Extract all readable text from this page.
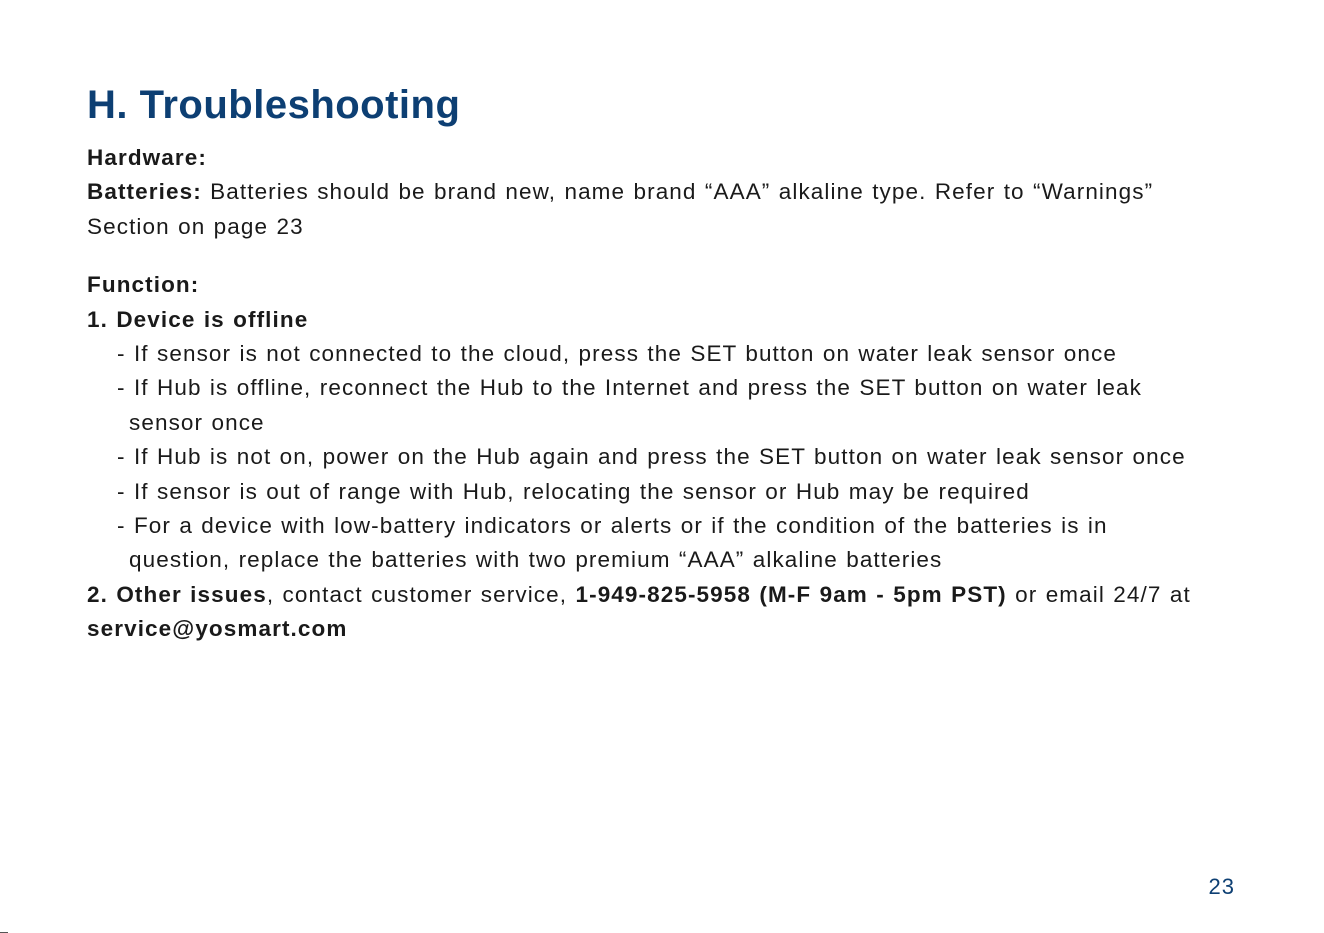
H. Troubleshooting

Hardware:

Batteries: Batteries should be brand new, name brand “AAA” alkaline type. Refer to “Warnings”

Section on page 23

Function:

1. Device is offline

- If sensor is not connected to the cloud, press the SET button on water leak sensor once

- If Hub is offline, reconnect the Hub to the Internet and press the SET button on water leak

sensor once

- If Hub is not on, power on the Hub again and press the SET button on water leak sensor once

- If sensor is out of range with Hub, relocating the sensor or Hub may be required

- For a device with low-battery indicators or alerts or if the condition of the batteries is in

question, replace the batteries with two premium “AAA” alkaline batteries

2. Other issues, contact customer service, 1-949-825-5958 (M-F 9am - 5pm PST) or email 24/7 at

service@yosmart.com

23
